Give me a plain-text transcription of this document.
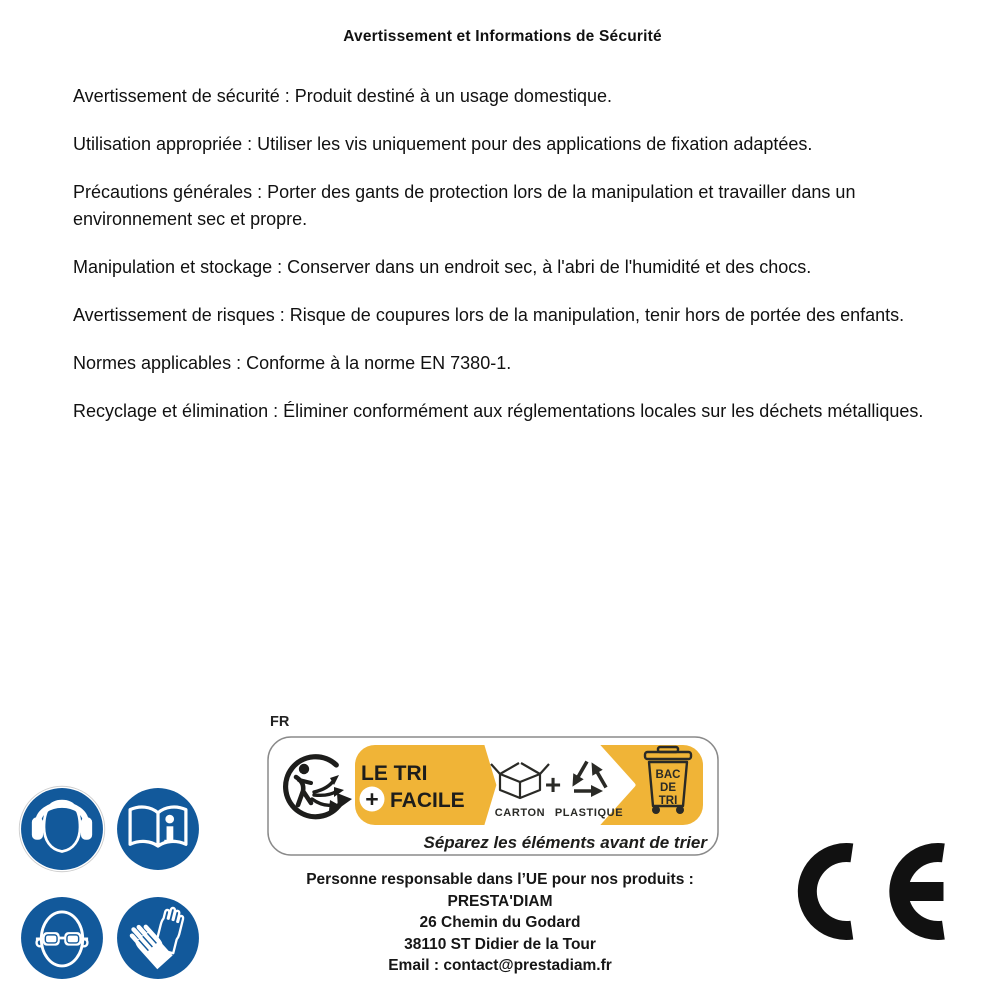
Avertissement et Informations de Sécurité

Avertissement de sécurité : Produit destiné à un usage domestique.

Utilisation appropriée : Utiliser les vis uniquement pour des applications de fixation adaptées.

Précautions générales : Porter des gants de protection lors de la manipulation et travailler dans un environnement sec et propre.

Manipulation et stockage : Conserver dans un endroit sec, à l'abri de l'humidité et des chocs.

Avertissement de risques : Risque de coupures lors de la manipulation, tenir hors de portée des enfants.

Normes applicables : Conforme à la norme EN 7380-1.

Recyclage et élimination : Éliminer conformément aux réglementations locales sur les déchets métalliques.

FR
LE TRI
+ FACILE
CARTON
+
PLASTIQUE
BAC
DE
TRI
Séparez les éléments avant de trier
Personne responsable dans l’UE pour nos produits :
PRESTA'DIAM
26 Chemin du Godard
38110 ST Didier de la Tour
Email : contact@prestadiam.fr
